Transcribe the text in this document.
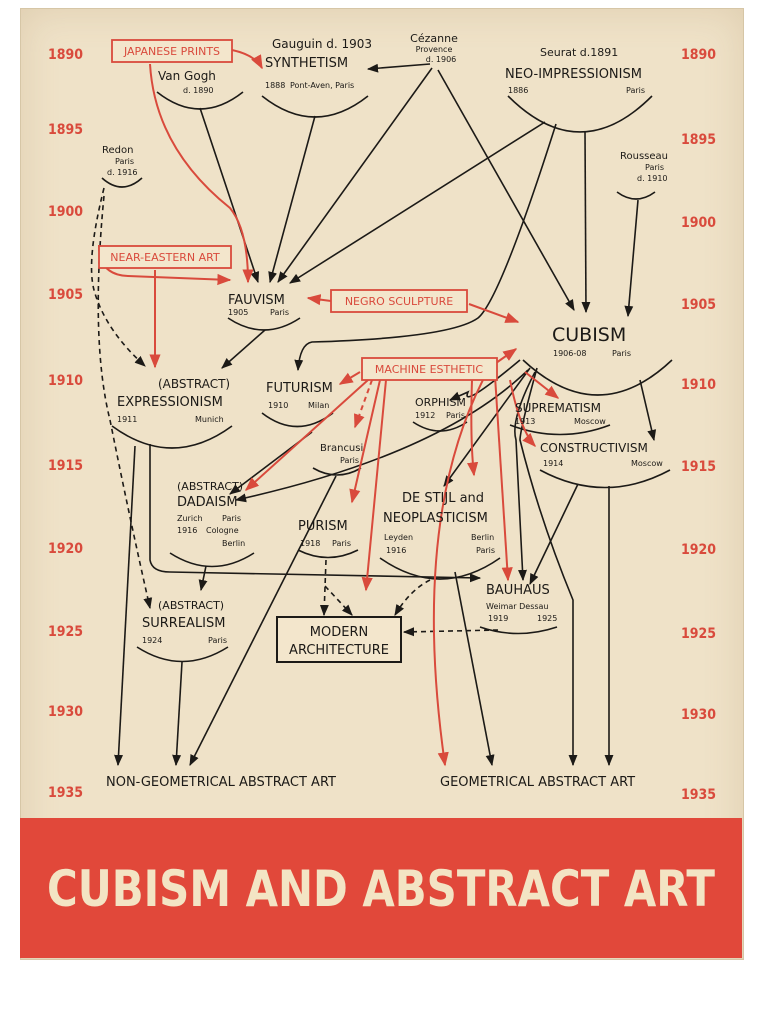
1890
1895
1900
1905
1910
1915
1920
1925
1930
1935
1890
1895
1900
1905
1910
1915
1920
1925
1930
1935
JAPANESE PRINTS
NEAR-EASTERN ART
NEGRO SCULPTURE
MACHINE ESTHETIC
Van Gogh
d. 1890
Gauguin d. 1903
SYNTHETISM
1888 Pont-Aven, Paris
Cézanne
Provence
d. 1906
Seurat d.1891
NEO-IMPRESSIONISM
1886	Paris
Redon
Paris
d. 1916
Rousseau
Paris
d. 1910
FAUVISM
1905	Paris
CUBISM
1906-08	Paris
(ABSTRACT)
EXPRESSIONISM
1911	Munich
FUTURISM
1910 Milan	ORPHISM
1912 Paris
Brancusi
Paris
SUPREMATISM
1913	Moscow
CONSTRUCTIVISM
1914	Moscow
(ABSTRACT)
DADAISM
Zurich Paris
1916 Cologne
Berlin
PURISM
1918 Paris
DE STIJL and
NEOPLASTICISM
Leyden	Berlin
1916	Paris
BAUHAUS
Weimar Dessau
1919	1925
(ABSTRACT)
SURREALISM
1924	Paris
MODERN
ARCHITECTURE
NON-GEOMETRICAL ABSTRACT ART	GEOMETRICAL ABSTRACT ART
CUBISM AND ABSTRACT ART
